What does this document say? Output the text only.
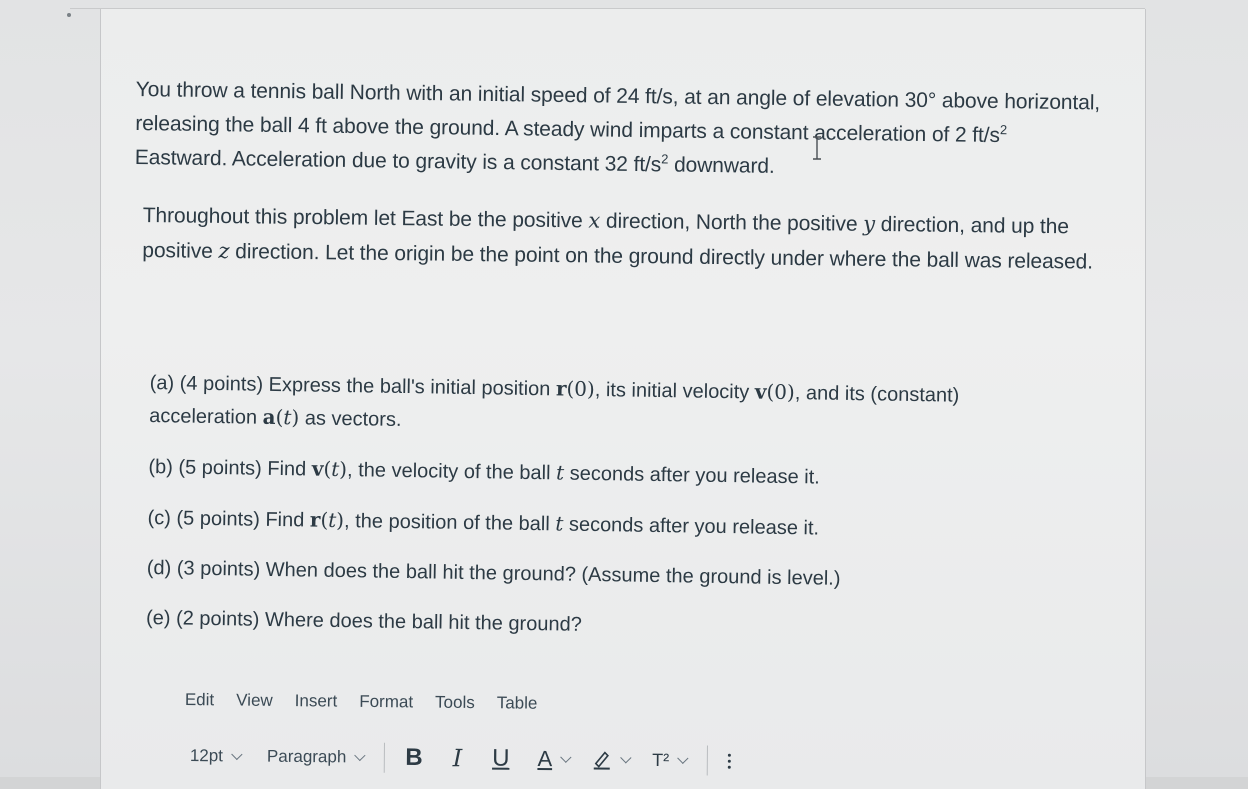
You throw a tennis ball North with an initial speed of 24 ft/s, at an angle of elevation 30° above horizontal, releasing the ball 4 ft above the ground. A steady wind imparts a constant acceleration of 2 $ft/s^2$ Eastward. Acceleration due to gravity is a constant 32 $ft/s^2$ downward.

Throughout this problem let East be the positive x direction, North the positive y direction, and up the positive z direction. Let the origin be the point on the ground directly under where the ball was released.

(a) (4 points) Express the ball's initial position r(0), its initial velocity v(0), and its (constant) acceleration a(t) as vectors.

(b) (5 points) Find v(t), the velocity of the ball t seconds after you release it.

(c) (5 points) Find r(t), the position of the ball t seconds after you release it.

(d) (3 points) When does the ball hit the ground? (Assume the ground is level.)

(e) (2 points) Where does the ball hit the ground?

Edit View Insert Format Tools Table
12pt	Paragraph B I U A	T²
